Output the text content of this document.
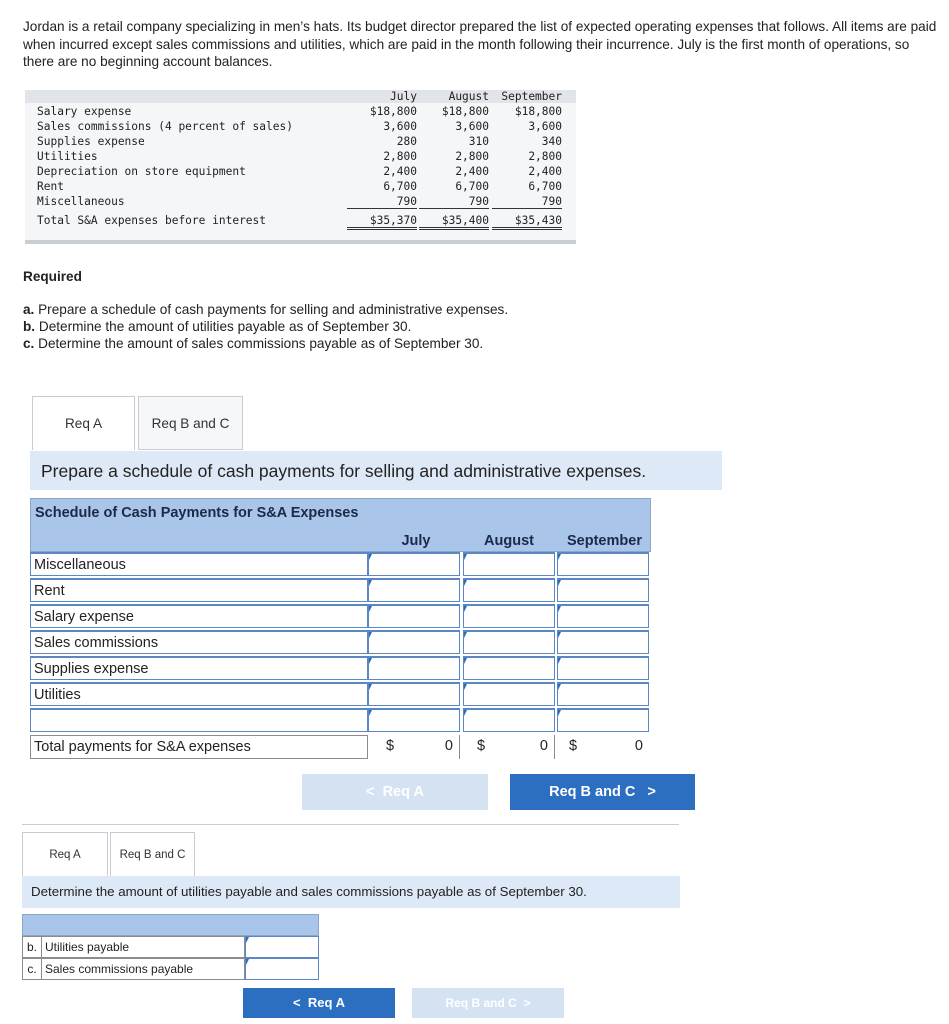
Jordan is a retail company specializing in men’s hats. Its budget director prepared the list of expected operating expenses that follows. All items are paid when incurred except sales commissions and utilities, which are paid in the month following their incurrence. July is the first month of operations, so there are no beginning account balances.
July	August	September
Salary expense	$18,800	$18,800	$18,800
Sales commissions (4 percent of sales)	3,600	3,600	3,600
Supplies expense	280	310	340
Utilities	2,800	2,800	2,800
Depreciation on store equipment	2,400	2,400	2,400
Rent	6,700	6,700	6,700
Miscellaneous	790	790	790
Total S&A expenses before interest	$35,370	$35,400	$35,430
Required
a. Prepare a schedule of cash payments for selling and administrative expenses.
b. Determine the amount of utilities payable as of September 30.
c. Determine the amount of sales commissions payable as of September 30.
Req A	Req B and C
Prepare a schedule of cash payments for selling and administrative expenses.
Schedule of Cash Payments for S&A Expenses
July	August	September
Miscellaneous
Rent
Salary expense
Sales commissions
Supplies expense
Utilities
Total payments for S&A expenses	$	0 $	0 $	0
< Req A	Req B and C >
Req A	Req B and C
Determine the amount of utilities payable and sales commissions payable as of September 30.
b. Utilities payable
c. Sales commissions payable
< Req A	Req B and C >
